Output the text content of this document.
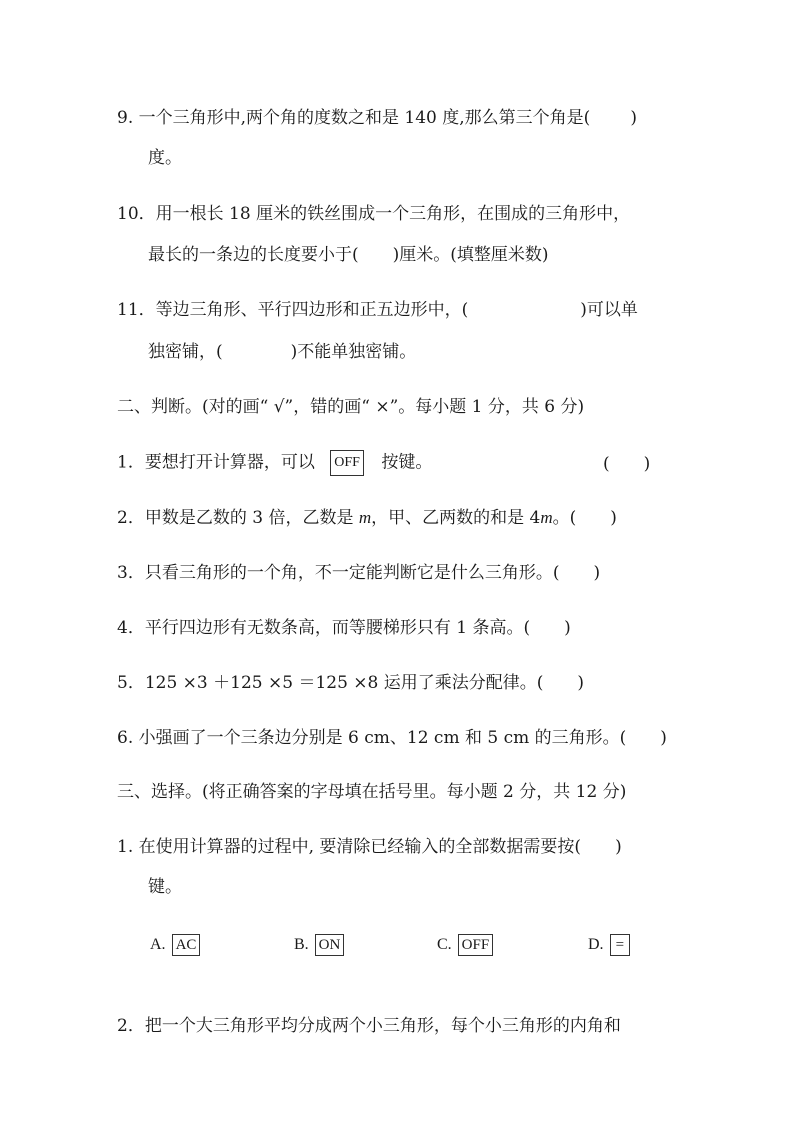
9. 一个三角形中,两个角的度数之和是 140 度,那么第三个角是( )
度。
10．用一根长 18 厘米的铁丝围成一个三角形，在围成的三角形中，
最长的一条边的长度要小于(　　)厘米。(填整厘米数)
11．等边三角形、平行四边形和正五边形中，(	)可以单
独密铺，(　　　　)不能单独密铺。
二、判断。(对的画“ √”，错的画“ ×”。每小题 1 分，共 6 分)
1．要想打开计算器，可以 OFF 按键。	(　　)
2．甲数是乙数的 3 倍，乙数是 m，甲、乙两数的和是 4m。(　　)
3．只看三角形的一个角，不一定能判断它是什么三角形。(　　)
4．平行四边形有无数条高，而等腰梯形只有 1 条高。(　　)
5．125 ×3 ＋125 ×5 ＝125 ×8 运用了乘法分配律。(　　)
6. 小强画了一个三条边分别是 6 cm、12 cm 和 5 cm 的三角形。(　　)
三、选择。(将正确答案的字母填在括号里。每小题 2 分，共 12 分)
1. 在使用计算器的过程中, 要清除已经输入的全部数据需要按( )
键。
A. AC	B. ON	C. OFF	D. =
2．把一个大三角形平均分成两个小三角形，每个小三角形的内角和
